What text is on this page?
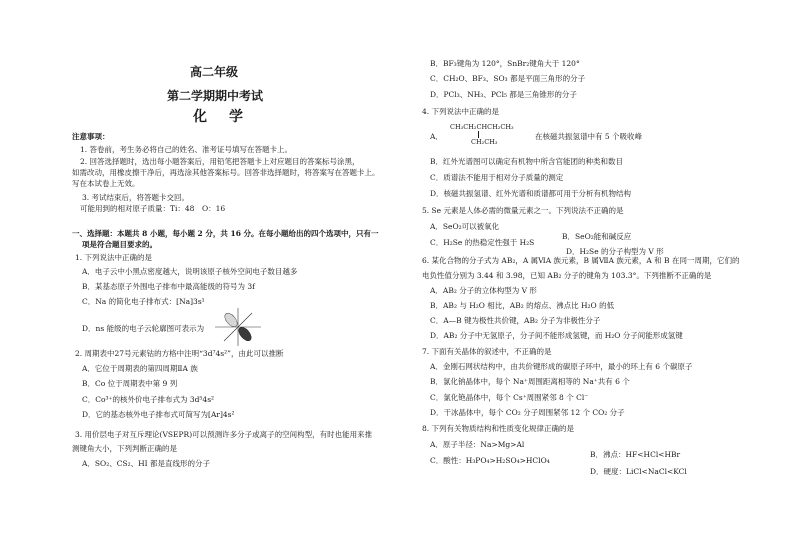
高二年级
第二学期期中考试
化　学
注意事项：
1. 答卷前，考生务必将自己的姓名、准考证号填写在答题卡上。
2. 回答选择题时，选出每小题答案后，用铅笔把答题卡上对应题目的答案标号涂黑，
如需改动，用橡皮擦干净后，再选涂其他答案标号。回答非选择题时，将答案写在答题卡上。
写在本试卷上无效。
3. 考试结束后，将答题卡交回。
可能用到的相对原子质量：Ti：48　O：16
一、选择题：本题共 8 小题，每小题 2 分，共 16 分。在每小题给出的四个选项中，只有一
项是符合题目要求的。
1. 下列说法中正确的是
A．电子云中小黑点密度越大，说明该原子核外空间电子数目越多
B．某基态原子外围电子排布中最高能级的符号为 3f
C．Na 的简化电子排布式：[Na]3s¹
D．ns 能级的电子云轮廓图可表示为
2. 周期表中27号元素钴的方格中注明“3d⁷4s²”，由此可以推断
A．它位于周期表的第四周期ⅡA 族
B．Co 位于周期表中第 9 列
C．Co³⁺的核外价电子排布式为 3d⁵4s²
D．它的基态核外电子排布式可简写为[Ar]4s²
3. 用价层电子对互斥理论(VSEPR)可以预测许多分子或离子的空间构型，有时也能用来推
测键角大小，下列判断正确的是
A．SO₂、CS₂、HI 都是直线形的分子
B．BF₃键角为 120°，SnBr₂键角大于 120°
C．CH₂O、BF₃、SO₃ 都是平面三角形的分子
D．PCl₃、NH₃、PCl₅ 都是三角锥形的分子
4. 下列说法中正确的是
A．
CH₃CH₂CHCH₂CH₃
CH₂CH₃
在核磁共振氢谱中有 5 个吸收峰
B．红外光谱图可以确定有机物中所含官能团的种类和数目
C．质谱法不能用于相对分子质量的测定
D．核磁共振氢谱、红外光谱和质谱都可用于分析有机物结构
5. Se 元素是人体必需的微量元素之一。下列说法不正确的是
A．SeO₂可以被氧化
B．SeO₂能和碱反应
C．H₂Se 的热稳定性强于 H₂S
D．H₂Se 的分子构型为 V 形
6. 某化合物的分子式为 AB₂，A 属ⅥA 族元素，B 属ⅦA 族元素，A 和 B 在同一周期，它们的
电负性值分别为 3.44 和 3.98，已知 AB₂ 分子的键角为 103.3°。下列推断不正确的是
A．AB₂ 分子的立体构型为 V 形
B．AB₂ 与 H₂O 相比，AB₂ 的熔点、沸点比 H₂O 的低
C．A—B 键为极性共价键，AB₂ 分子为非极性分子
D．AB₂ 分子中无氢原子，分子间不能形成氢键，而 H₂O 分子间能形成氢键
7. 下面有关晶体的叙述中，不正确的是
A．金刚石网状结构中，由共价键形成的碳原子环中，最小的环上有 6 个碳原子
B．氯化钠晶体中，每个 Na⁺周围距离相等的 Na⁺共有 6 个
C．氯化铯晶体中，每个 Cs⁺周围紧邻 8 个 Cl⁻
D．干冰晶体中，每个 CO₂ 分子周围紧邻 12 个 CO₂ 分子
8. 下列有关物质结构和性质变化规律正确的是
A．原子半径：Na>Mg>Al
B．沸点：HF<HCl<HBr
C．酸性：H₃PO₄>H₂SO₄>HClO₄
D．硬度：LiCl<NaCl<KCl
